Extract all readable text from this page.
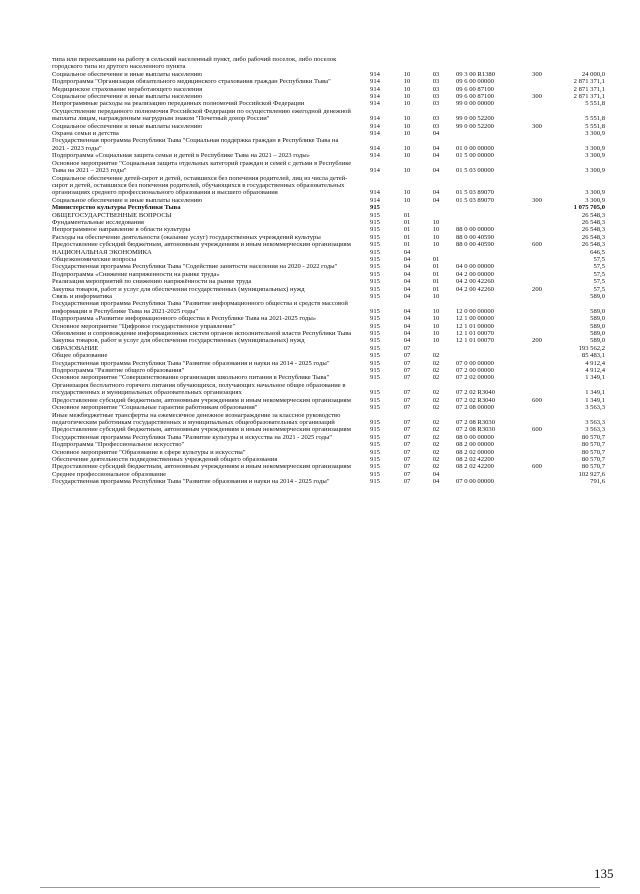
типа или переехавшим на работу в сельский населенный пункт, либо рабочий поселок, либо поселок городского типа из другого населенного пункта						
Социальное обеспечение и иные выплаты населению	914	10	03	09 3 00 R1380	300	24 000,0
Подпрограмма "Организация обязательного медицинского страхования граждан Республики Тыва"	914	10	03	09 6 00 00000		2 871 371,1
Медицинское страхование неработающего населения	914	10	03	09 6 00 87100		2 871 371,1
Социальное обеспечение и иные выплаты населению	914	10	03	09 6 00 87100	300	2 871 371,1
Непрограммные расходы на реализацию переданных полномочий Российской Федерации	914	10	03	99 0 00 00000		5 551,8
Осуществление переданного полномочия Российской Федерации по осуществлению ежегодной денежной выплаты лицам, награжденным нагрудным знаком "Почетный донор России"	914	10	03	99 0 00 52200		5 551,8
Социальное обеспечение и иные выплаты населению	914	10	03	99 0 00 52200	300	5 551,8
Охрана семьи и детства	914	10	04			3 300,9
Государственная программа Республики Тыва "Социальная поддержка граждан в Республике Тыва на 2021 - 2023 годы"	914	10	04	01 0 00 00000		3 300,9
Подпрограмма «Социальная защита семьи и детей в Республике Тыва на 2021 – 2023 годы»	914	10	04	01 5 00 00000		3 300,9
Основное мероприятие "Социальная защита отдельных категорий граждан и семей с детьми в Республике Тыва на 2021 – 2023 годы"	914	10	04	01 5 03 00000		3 300,9
Социальное обеспечение детей-сирот и детей, оставшихся без попечения родителей, лиц из числа детей-сирот и детей, оставшихся без попечения родителей, обучающихся в государственных образовательных организациях среднего профессионального образования и высшего образования	914	10	04	01 5 03 89070		3 300,9
Социальное обеспечение и иные выплаты населению	914	10	04	01 5 03 89070	300	3 300,9
Министерство культуры Республики Тыва	915					1 075 705,0
ОБЩЕГОСУДАРСТВЕННЫЕ ВОПРОСЫ	915	01				26 548,3
Фундаментальные исследования	915	01	10			26 548,3
Непрограммное направление в области культуры	915	01	10	88 0 00 00000		26 548,3
Расходы на обеспечение деятельности (оказание услуг) государственных учреждений культуры	915	01	10	88 0 00 40590		26 548,3
Предоставление субсидий бюджетным, автономным учреждениям и иным некоммерческим организациям	915	01	10	88 0 00 40590	600	26 548,3
НАЦИОНАЛЬНАЯ ЭКОНОМИКА	915	04				646,5
Общеэкономические вопросы	915	04	01			57,5
Государственная программа Республики Тыва "Содействие занятости населения на 2020 - 2022 годы"	915	04	01	04 0 00 00000		57,5
Подпрограмма «Снижение напряженности на рынке труда»	915	04	01	04 2 00 00000		57,5
Реализация мероприятий по снижению напряжённости на рынке труда	915	04	01	04 2 00 42260		57,5
Закупка товаров, работ и услуг для обеспечения государственных (муниципальных) нужд	915	04	01	04 2 00 42260	200	57,5
Связь и информатика	915	04	10			589,0
Государственная программа Республики Тыва "Развитие информационного общества и средств массовой информации в Республике Тыва на 2021-2025 годы"	915	04	10	12 0 00 00000		589,0
Подпрограмма «Развитие информационного общества в Республике Тыва на 2021-2025 годы»	915	04	10	12 1 00 00000		589,0
Основное мероприятие "Цифровое государственное управление"	915	04	10	12 1 01 00000		589,0
Обновление и сопровождение информационных систем органов исполнительной власти Республики Тыва	915	04	10	12 1 01 00070		589,0
Закупка товаров, работ и услуг для обеспечения государственных (муниципальных) нужд	915	04	10	12 1 01 00070	200	589,0
ОБРАЗОВАНИЕ	915	07				193 562,2
Общее образование	915	07	02			85 483,1
Государственная программа Республики Тыва "Развитие образования и науки на 2014 - 2025 годы"	915	07	02	07 0 00 00000		4 912,4
Подпрограмма "Развитие общего образования"	915	07	02	07 2 00 00000		4 912,4
Основное мероприятие "Совершенствование организации школьного питания в Республике Тыва"	915	07	02	07 2 02 00000		1 349,1
Организация бесплатного горячего питания обучающихся, получающих начальное общее образование в государственных и муниципальных образовательных организациях	915	07	02	07 2 02 R3040		1 349,1
Предоставление субсидий бюджетным, автономным учреждениям и иным некоммерческим организациям	915	07	02	07 2 02 R3040	600	1 349,1
Основное мероприятие "Социальные гарантии работникам образования"	915	07	02	07 2 08 00000		3 563,3
Иные межбюджетные трансферты на ежемесячное денежное вознаграждение за классное руководство педагогическим работникам государственных и муниципальных общеобразовательных организаций	915	07	02	07 2 08 R3030		3 563,3
Предоставление субсидий бюджетным, автономным учреждениям и иным некоммерческим организациям	915	07	02	07 2 08 R3030	600	3 563,3
Государственная программа Республики Тыва "Развитие культуры и искусства на 2021 - 2025 годы"	915	07	02	08 0 00 00000		80 570,7
Подпрограмма "Профессиональное искусство"	915	07	02	08 2 00 00000		80 570,7
Основное мероприятие "Образование в сфере культуры и искусства"	915	07	02	08 2 02 00000		80 570,7
Обеспечение деятельности подведомственных учреждений общего образования	915	07	02	08 2 02 42200		80 570,7
Предоставление субсидий бюджетным, автономным учреждениям и иным некоммерческим организациям	915	07	02	08 2 02 42200	600	80 570,7
Среднее профессиональное образование	915	07	04			102 927,6
Государственная программа Республики Тыва "Развитие образования и науки на 2014 - 2025 годы"	915	07	04	07 0 00 00000		791,6
135
